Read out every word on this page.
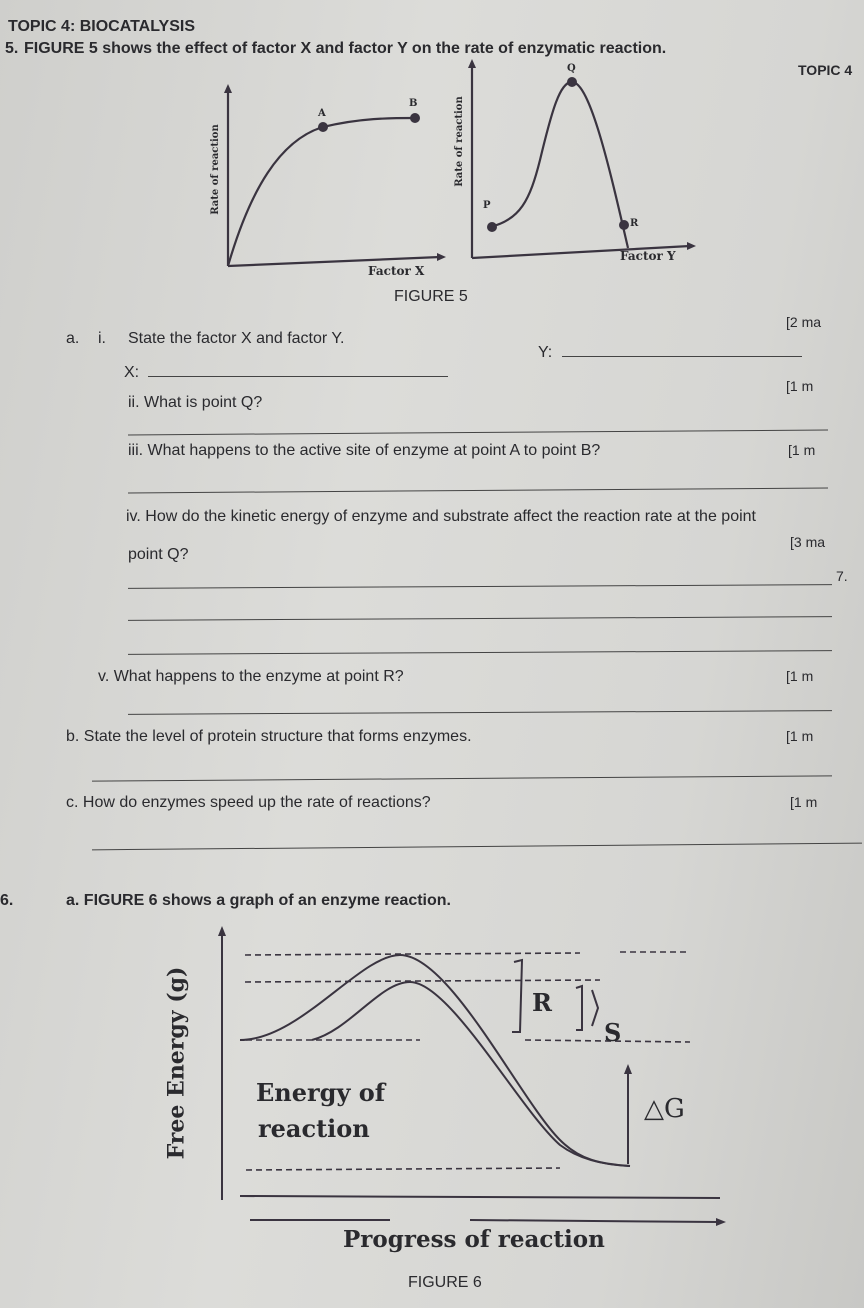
TOPIC 4: BIOCATALYSIS
TOPIC 4
5. FIGURE 5 shows the effect of factor X and factor Y on the rate of enzymatic reaction.
A
B
Rate of reaction
Factor X
P
Q
R
Rate of reaction
Factor Y
FIGURE 5
a. i. State the factor X and factor Y.
[2 ma
X:
Y:
ii. What is point Q?
[1 m
iii. What happens to the active site of enzyme at point A to point B?	[1 m
iv. How do the kinetic energy of enzyme and substrate affect the reaction rate at the point
point Q?
[3 ma
7.
v. What happens to the enzyme at point R?	[1 m
b. State the level of protein structure that forms enzymes.	[1 m
c. How do enzymes speed up the rate of reactions?	[1 m
6.	a. FIGURE 6 shows a graph of an enzyme reaction.
Free Energy (g)
Progress of reaction
R
S
△G
Energy of
reaction
FIGURE 6
